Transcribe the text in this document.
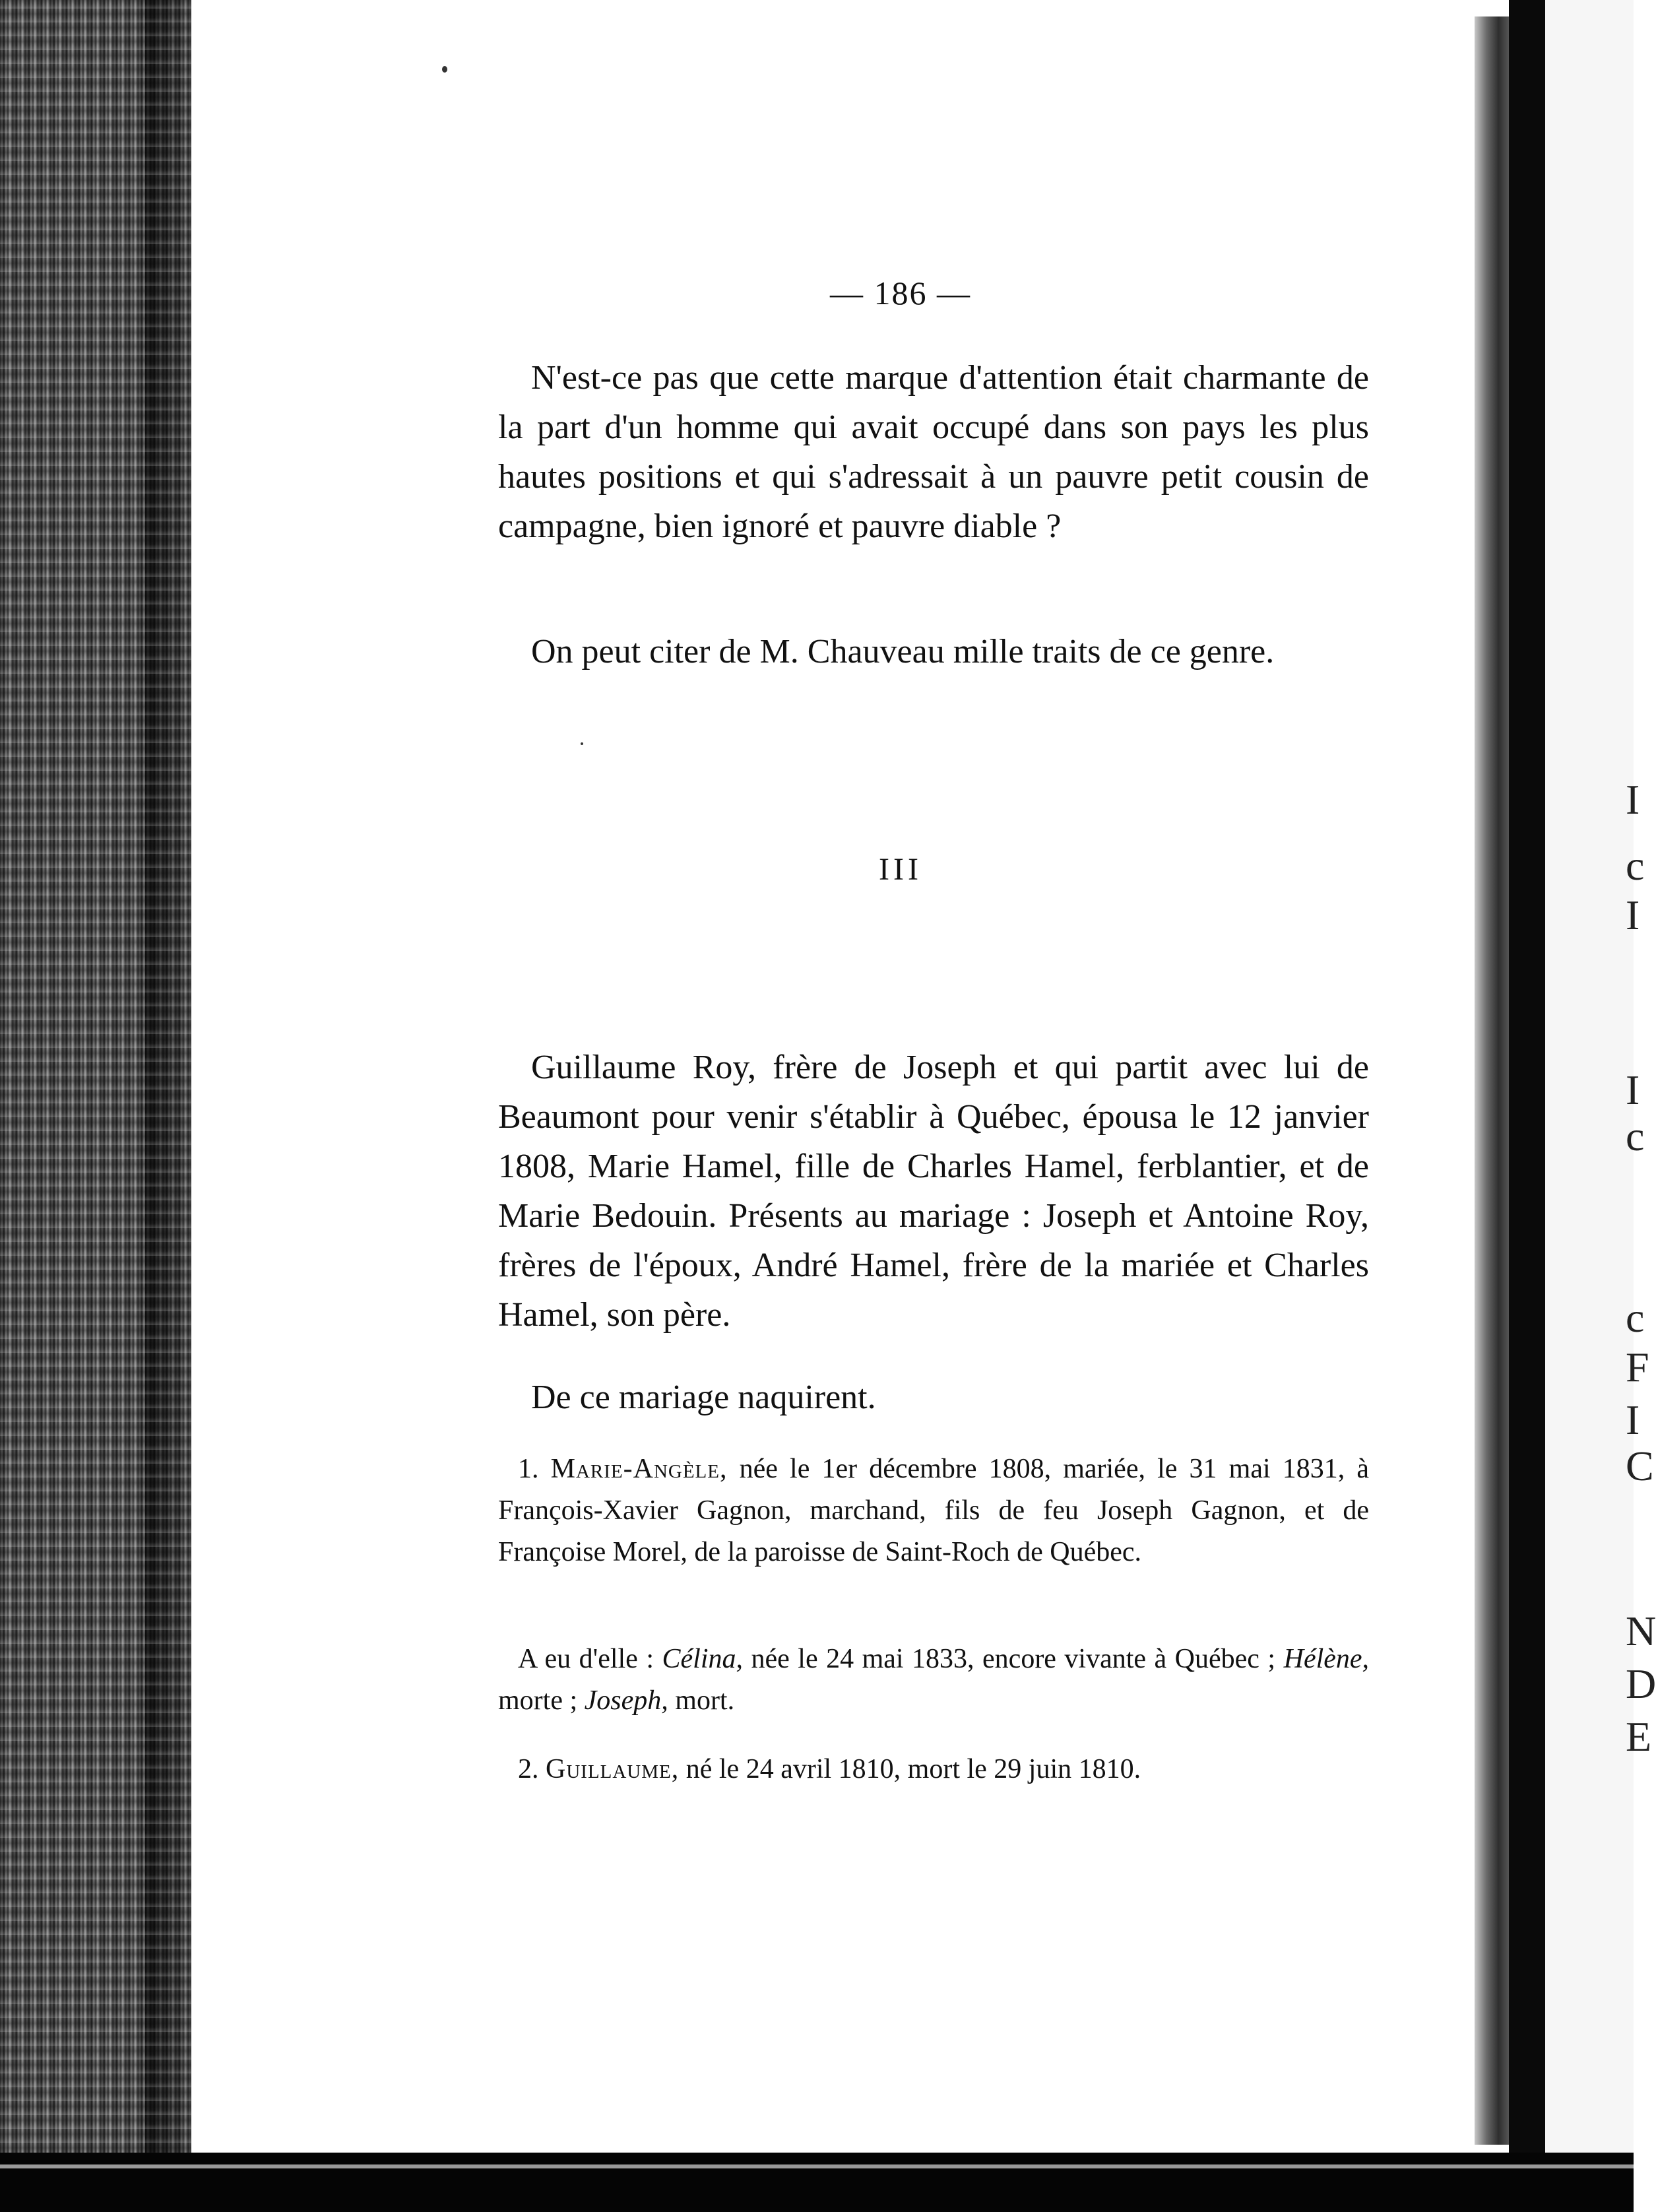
I
c
I
I
c
c
F
I
C
N
D
E
— 186 —

N'est-ce pas que cette marque d'attention était charmante de la part d'un homme qui avait occupé dans son pays les plus hautes positions et qui s'adressait à un pauvre petit cousin de campagne, bien ignoré et pauvre diable ?

On peut citer de M. Chauveau mille traits de ce genre.

III

Guillaume Roy, frère de Joseph et qui partit avec lui de Beaumont pour venir s'établir à Québec, épousa le 12 janvier 1808, Marie Hamel, fille de Charles Hamel, ferblantier, et de Marie Bedouin. Présents au mariage : Joseph et Antoine Roy, frères de l'époux, André Hamel, frère de la mariée et Charles Hamel, son père.

De ce mariage naquirent.

1. Marie-Angèle, née le 1er décembre 1808, mariée, le 31 mai 1831, à François-Xavier Gagnon, marchand, fils de feu Joseph Gagnon, et de Françoise Morel, de la paroisse de Saint-Roch de Québec.

A eu d'elle : Célina, née le 24 mai 1833, encore vivante à Québec ; Hélène, morte ; Joseph, mort.

2. Guillaume, né le 24 avril 1810, mort le 29 juin 1810.
